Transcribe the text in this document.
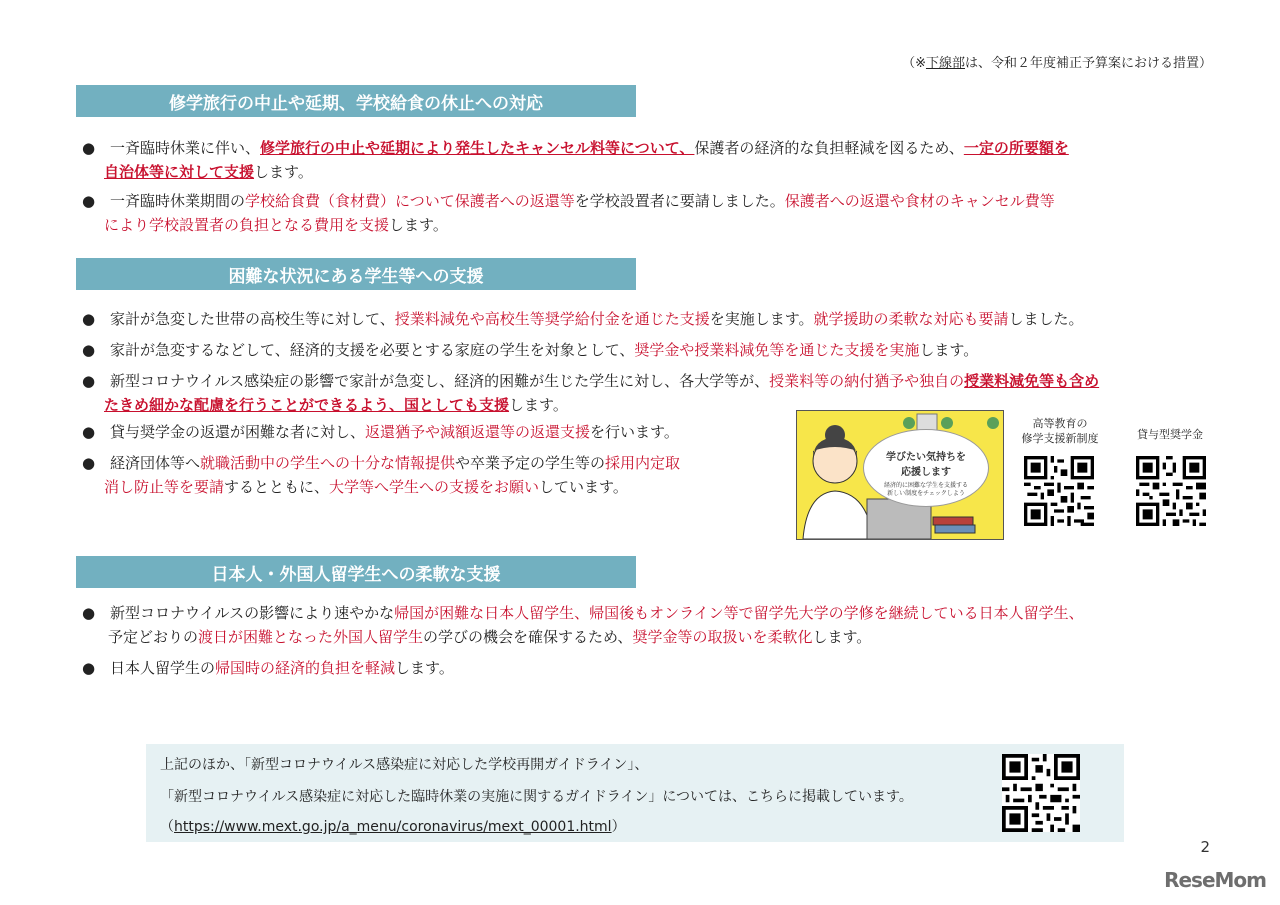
（※下線部は、令和２年度補正予算案における措置）
修学旅行の中止や延期、学校給食の休止への対応
● 一斉臨時休業に伴い、修学旅行の中止や延期により発生したキャンセル料等について、保護者の経済的な負担軽減を図るため、一定の所要額を

自治体等に対して支援します。
● 一斉臨時休業期間の学校給食費（食材費）について保護者への返還等を学校設置者に要請しました。保護者への返還や食材のキャンセル費等

により学校設置者の負担となる費用を支援します。
困難な状況にある学生等への支援
● 家計が急変した世帯の高校生等に対して、授業料減免や高校生等奨学給付金を通じた支援を実施します。就学援助の柔軟な対応も要請しました。
● 家計が急変するなどして、経済的支援を必要とする家庭の学生を対象として、奨学金や授業料減免等を通じた支援を実施します。
● 新型コロナウイルス感染症の影響で家計が急変し、経済的困難が生じた学生に対し、各大学等が、授業料等の納付猶予や独自の授業料減免等も含め

たきめ細かな配慮を行うことができるよう、国としても支援します。
● 貸与奨学金の返還が困難な者に対し、返還猶予や減額返還等の返還支援を行います。
● 経済団体等へ就職活動中の学生への十分な情報提供や卒業予定の学生等の採用内定取

消し防止等を要請するとともに、大学等へ学生への支援をお願いしています。
学びたい気持ちを
応援します
経済的に困難な学生を支援する
新しい制度をチェックしよう
高等教育の
修学支援新制度	貸与型奨学金
日本人・外国人留学生への柔軟な支援
● 新型コロナウイルスの影響により速やかな帰国が困難な日本人留学生、帰国後もオンライン等で留学先大学の学修を継続している日本人留学生、

予定どおりの渡日が困難となった外国人留学生の学びの機会を確保するため、奨学金等の取扱いを柔軟化します。
● 日本人留学生の帰国時の経済的負担を軽減します。
上記のほか、「新型コロナウイルス感染症に対応した学校再開ガイドライン」、
「新型コロナウイルス感染症に対応した臨時休業の実施に関するガイドライン」については、こちらに掲載しています。
（https://www.mext.go.jp/a_menu/coronavirus/mext_00001.html）
2
ReseMom
